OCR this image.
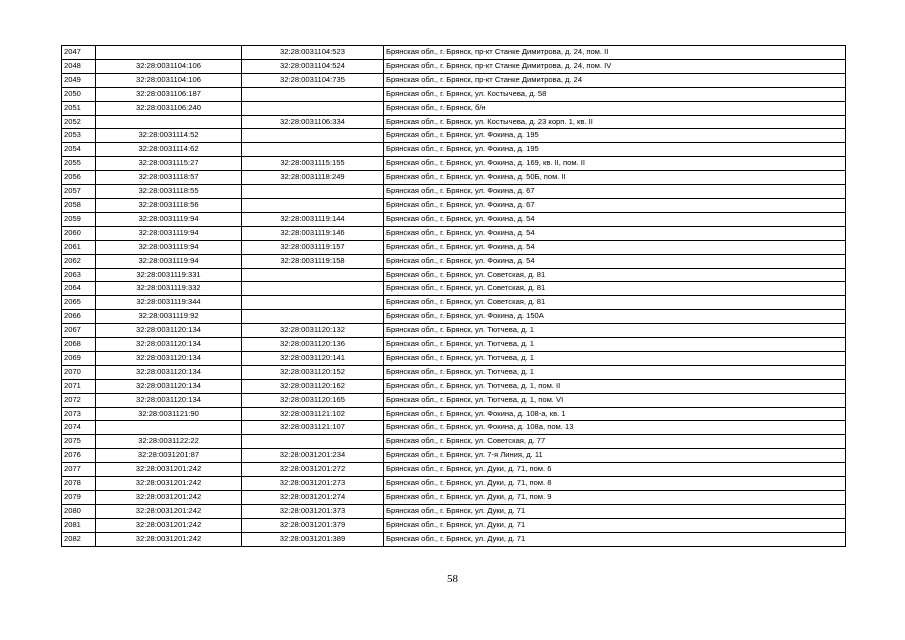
2047		32:28:0031104:523	Брянская обл., г. Брянск, пр-кт Станке Димитрова, д. 24, пом. II
2048	32:28:0031104:106	32:28:0031104:524	Брянская обл., г. Брянск, пр-кт Станке Димитрова, д. 24, пом. IV
2049	32:28:0031104:106	32:28:0031104:735	Брянская обл., г. Брянск, пр-кт Станке Димитрова, д. 24
2050	32:28:0031106:187		Брянская обл., г. Брянск, ул. Костычева, д. 58
2051	32:28:0031106:240		Брянская обл., г. Брянск, б/н
2052		32:28:0031106:334	Брянская обл., г. Брянск, ул. Костычева, д. 23 корп. 1, кв. II
2053	32:28:0031114:52		Брянская обл., г. Брянск, ул. Фокина, д. 195
2054	32:28:0031114:62		Брянская обл., г. Брянск, ул. Фокина, д. 195
2055	32:28:0031115:27	32:28:0031115:155	Брянская обл., г. Брянск, ул. Фокина, д. 169, кв. II, пом. II
2056	32:28:0031118:57	32:28:0031118:249	Брянская обл., г. Брянск, ул. Фокина, д. 50Б, пом. II
2057	32:28:0031118:55		Брянская обл., г. Брянск, ул. Фокина, д. 67
2058	32:28:0031118:56		Брянская обл., г. Брянск, ул. Фокина, д. 67
2059	32:28:0031119:94	32:28:0031119:144	Брянская обл., г. Брянск, ул. Фокина, д. 54
2060	32:28:0031119:94	32:28:0031119:146	Брянская обл., г. Брянск, ул. Фокина, д. 54
2061	32:28:0031119:94	32:28:0031119:157	Брянская обл., г. Брянск, ул. Фокина, д. 54
2062	32:28:0031119:94	32:28:0031119:158	Брянская обл., г. Брянск, ул. Фокина, д. 54
2063	32:28:0031119:331		Брянская обл., г. Брянск, ул. Советская, д. 81
2064	32:28:0031119:332		Брянская обл., г. Брянск, ул. Советская, д. 81
2065	32:28:0031119:344		Брянская обл., г. Брянск, ул. Советская, д. 81
2066	32:28:0031119:92		Брянская обл., г. Брянск, ул. Фокина, д. 150А
2067	32:28:0031120:134	32:28:0031120:132	Брянская обл., г. Брянск, ул. Тютчева, д. 1
2068	32:28:0031120:134	32:28:0031120:136	Брянская обл., г. Брянск, ул. Тютчева, д. 1
2069	32:28:0031120:134	32:28:0031120:141	Брянская обл., г. Брянск, ул. Тютчева, д. 1
2070	32:28:0031120:134	32:28:0031120:152	Брянская обл., г. Брянск, ул. Тютчева, д. 1
2071	32:28:0031120:134	32:28:0031120:162	Брянская обл., г. Брянск, ул. Тютчева, д. 1, пом. II
2072	32:28:0031120:134	32:28:0031120:165	Брянская обл., г. Брянск, ул. Тютчева, д. 1, пом. VI
2073	32:28:0031121:90	32:28:0031121:102	Брянская обл., г. Брянск, ул. Фокина, д. 108-а, кв. 1
2074		32:28:0031121:107	Брянская обл., г. Брянск, ул. Фокина, д. 108а, пом. 13
2075	32:28:0031122:22		Брянская обл., г. Брянск, ул. Советская, д. 77
2076	32:28:0031201:87	32:28:0031201:234	Брянская обл., г. Брянск, ул. 7-я Линия, д. 11
2077	32:28:0031201:242	32:28:0031201:272	Брянская обл., г. Брянск, ул. Дуки, д. 71, пом. 6
2078	32:28:0031201:242	32:28:0031201:273	Брянская обл., г. Брянск, ул. Дуки, д. 71, пом. 8
2079	32:28:0031201:242	32:28:0031201:274	Брянская обл., г. Брянск, ул. Дуки, д. 71, пом. 9
2080	32:28:0031201:242	32:28:0031201:373	Брянская обл., г. Брянск, ул. Дуки, д. 71
2081	32:28:0031201:242	32:28:0031201:379	Брянская обл., г. Брянск, ул. Дуки, д. 71
2082	32:28:0031201:242	32:28:0031201:389	Брянская обл., г. Брянск, ул. Дуки, д. 71
58
